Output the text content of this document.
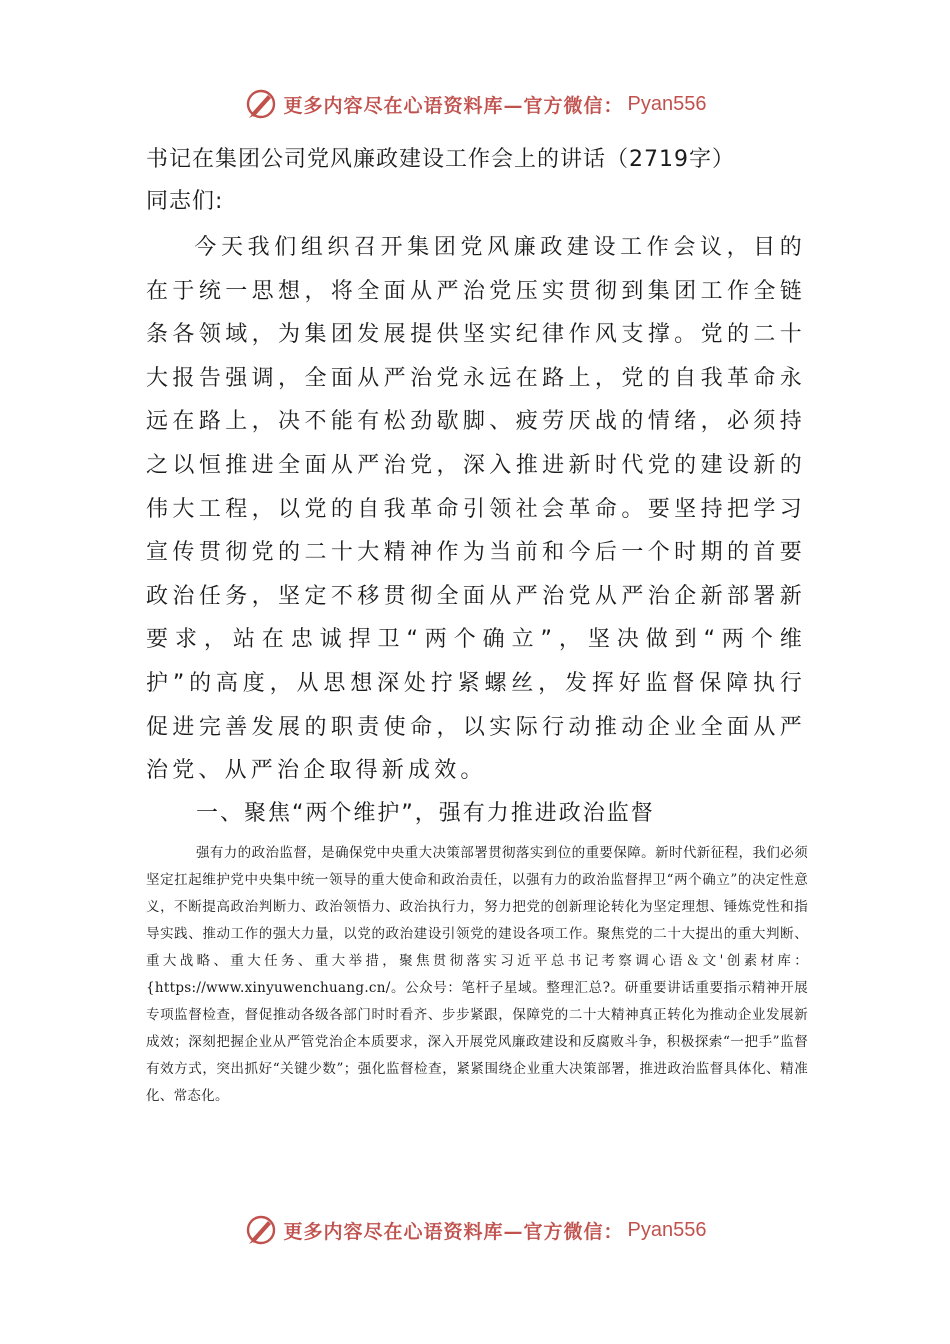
更多内容尽在心语资料库—官方微信： Pyan556
书记在集团公司党风廉政建设工作会上的讲话（2719字）
同志们:

今天我们组织召开集团党风廉政建设工作会议，目的在于统一思想，将全面从严治党压实贯彻到集团工作全链条各领域，为集团发展提供坚实纪律作风支撑。党的二十大报告强调，全面从严治党永远在路上，党的自我革命永远在路上，决不能有松劲歇脚、疲劳厌战的情绪，必须持之以恒推进全面从严治党，深入推进新时代党的建设新的伟大工程，以党的自我革命引领社会革命。要坚持把学习宣传贯彻党的二十大精神作为当前和今后一个时期的首要政治任务，坚定不移贯彻全面从严治党从严治企新部署新要求，站在忠诚捍卫“两个确立”，坚决做到“两个维护”的高度，从思想深处拧紧螺丝，发挥好监督保障执行促进完善发展的职责使命，以实际行动推动企业全面从严治党、从严治企取得新成效。

一、聚焦“两个维护”，强有力推进政治监督

强有力的政治监督，是确保党中央重大决策部署贯彻落实到位的重要保障。新时代新征程，我们必须坚定扛起维护党中央集中统一领导的重大使命和政治责任，以强有力的政治监督捍卫“两个确立”的决定性意义，不断提高政治判断力、政治领悟力、政治执行力，努力把党的创新理论转化为坚定理想、锤炼党性和指导实践、推动工作的强大力量，以党的政治建设引领党的建设各项工作。聚焦党的二十大提出的重大判断、重大战略、重大任务、重大举措，聚焦贯彻落实习近平总书记考察调心语＆文'创素材库：{https://www.xinyuwenchuang.cn/。公众号：笔杆子星域。整理汇总?。研重要讲话重要指示精神开展专项监督检查，督促推动各级各部门时时看齐、步步紧跟，保障党的二十大精神真正转化为推动企业发展新成效；深刻把握企业从严管党治企本质要求，深入开展党风廉政建设和反腐败斗争，积极探索“一把手”监督有效方式，突出抓好“关键少数”；强化监督检查，紧紧围绕企业重大决策部署，推进政治监督具体化、精准化、常态化。

更多内容尽在心语资料库—官方微信： Pyan556
